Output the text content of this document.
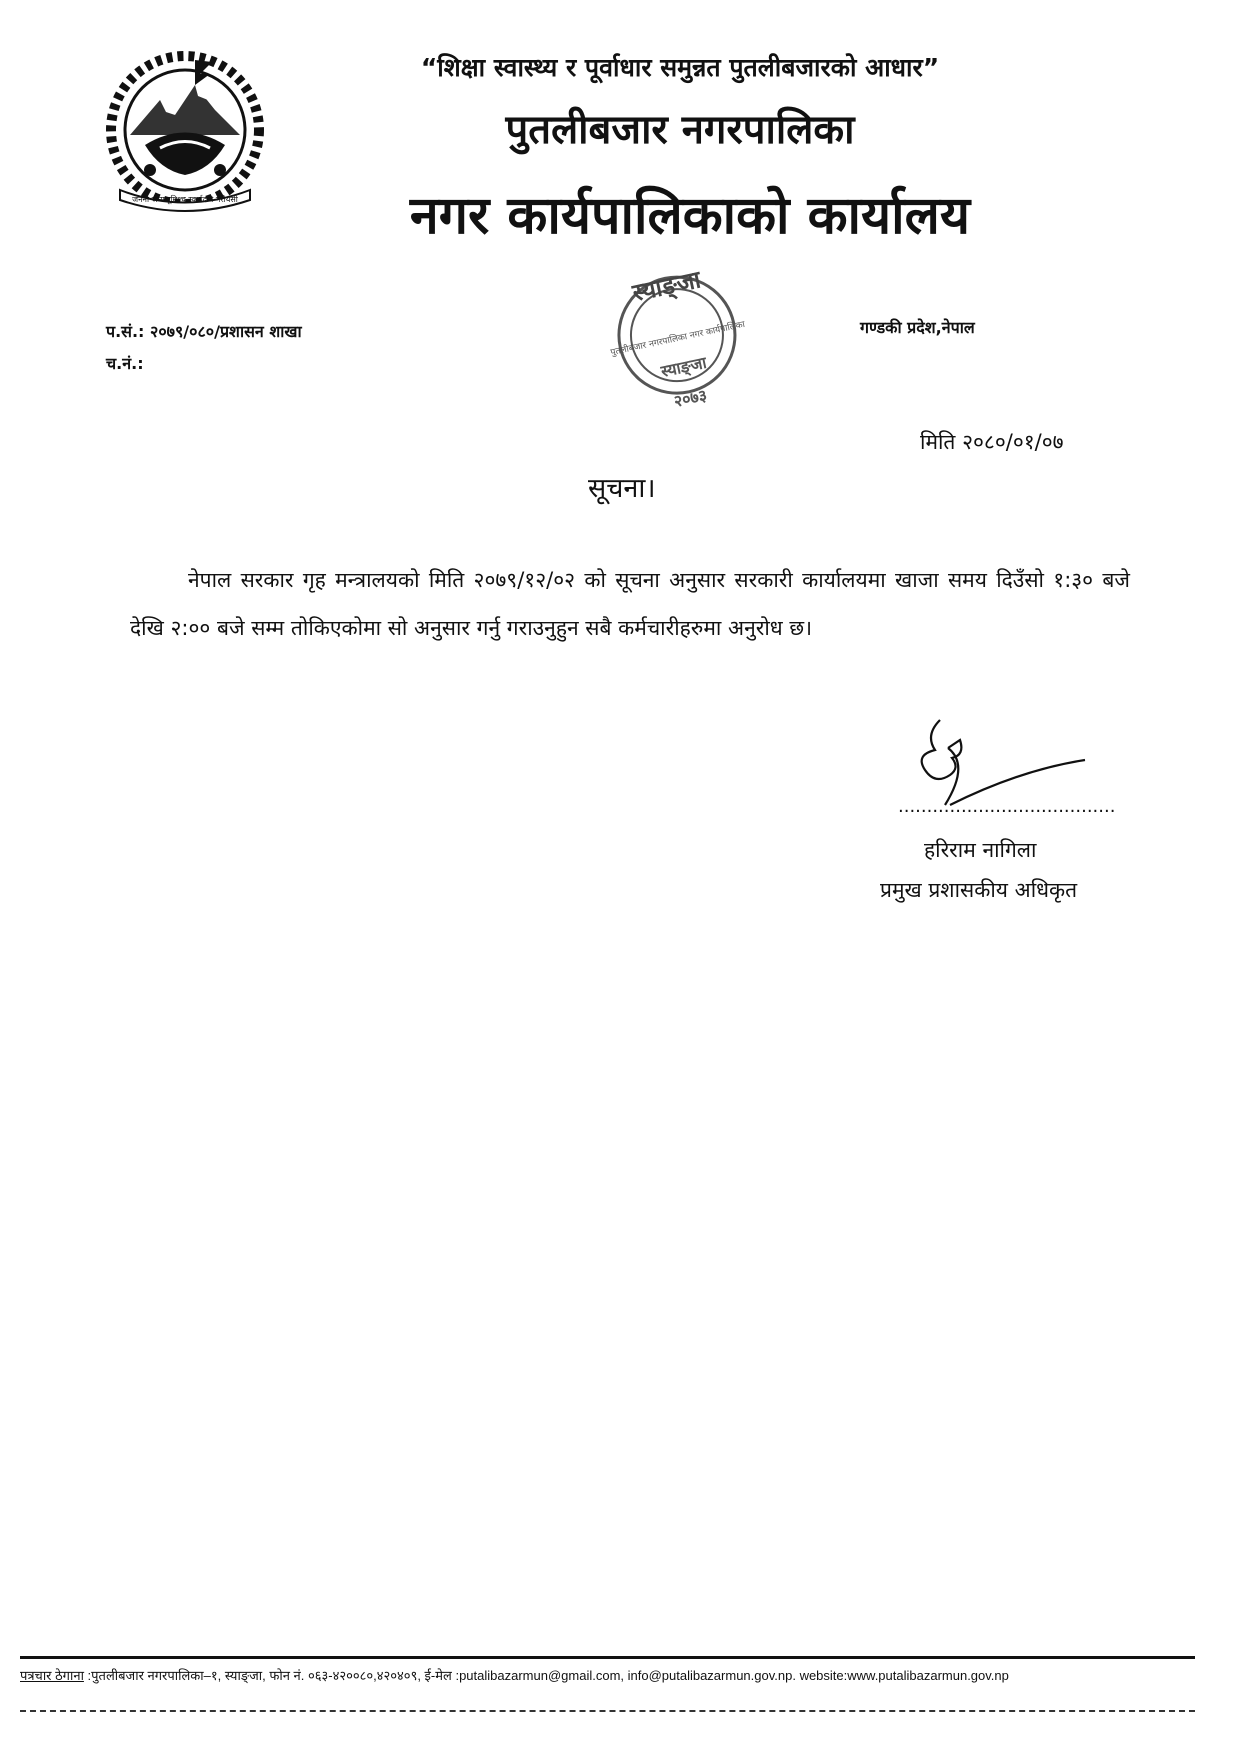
जननी जन्मभूमिश्च स्वर्गादपि गरीयसी
“शिक्षा स्वास्थ्य र पूर्वाधार समुन्नत पुतलीबजारको आधार”
पुतलीबजार नगरपालिका
नगर कार्यपालिकाको कार्यालय
स्याङ्जा
पुतलीबजार नगरपालिका नगर कार्यपालिका
स्याङ्जा
२०७३
प.सं.: २०७९/०८०/प्रशासन शाखा
च.नं.:
गण्डकी प्रदेश,नेपाल
मिति २०८०/०१/०७
सूचना।
नेपाल सरकार गृह मन्त्रालयको मिति २०७९/१२/०२ को सूचना अनुसार सरकारी कार्यालयमा खाजा समय दिउँसो १:३० बजे देखि २:०० बजे सम्म तोकिएकोमा सो अनुसार गर्नु गराउनुहुन सबै कर्मचारीहरुमा अनुरोध छ।
......................................
हरिराम नागिला
प्रमुख प्रशासकीय अधिकृत
पत्रचार ठेगाना :पुतलीबजार नगरपालिका–१, स्याङ्जा, फोन नं. ०६३-४२००८०,४२०४०९, ई-मेल :putalibazarmun@gmail.com, info@putalibazarmun.gov.np. website:www.putalibazarmun.gov.np
